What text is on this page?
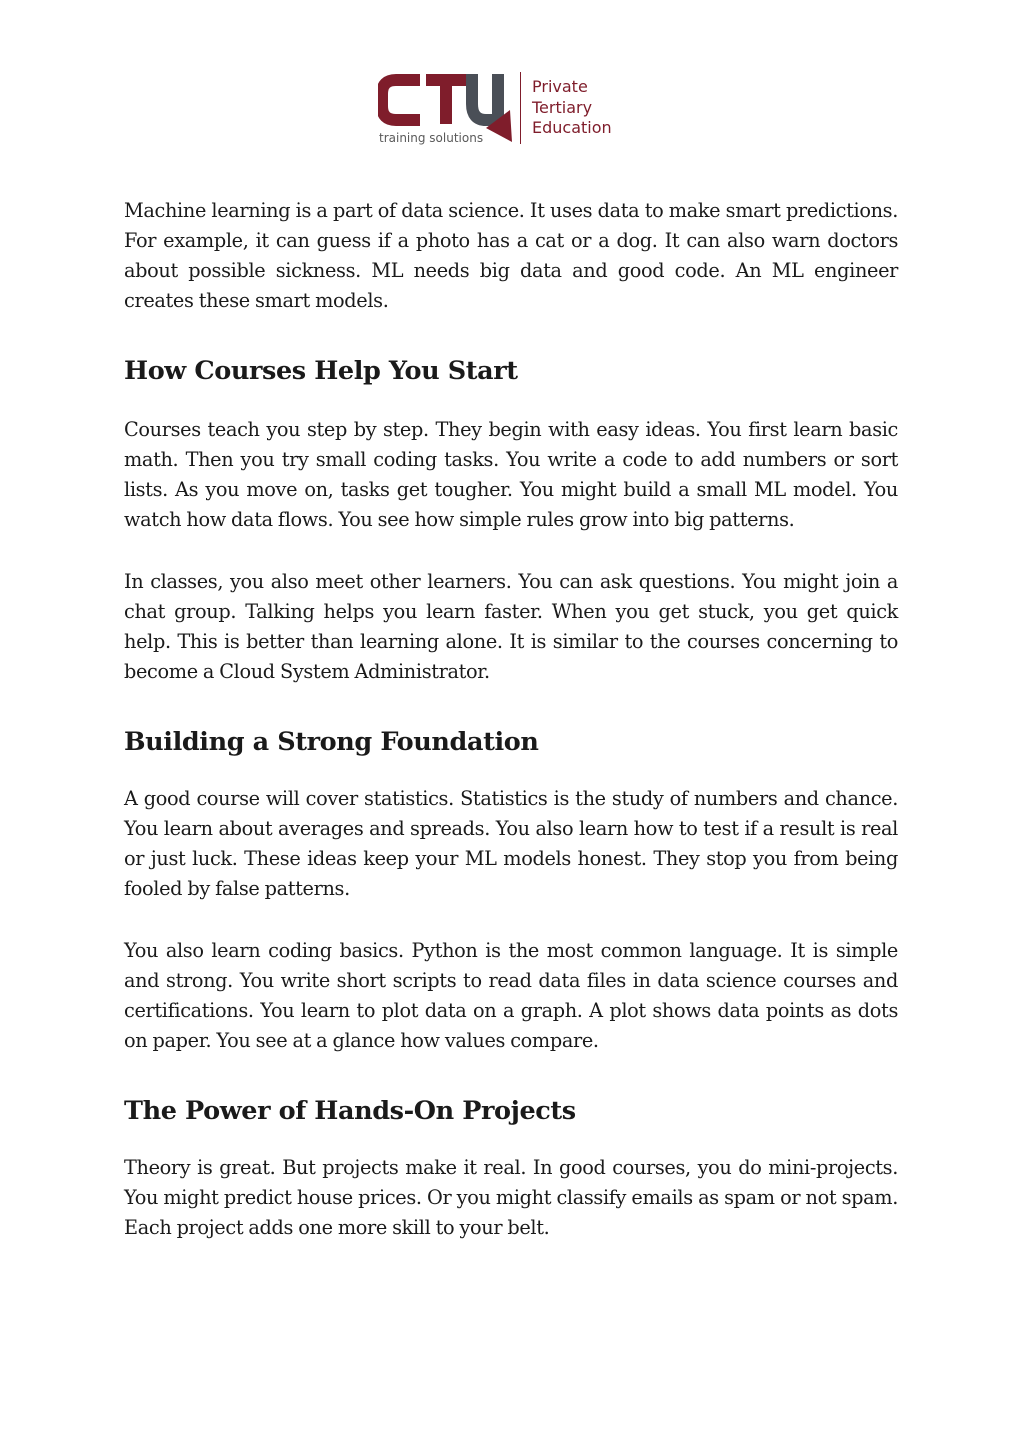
training solutions
Private
Tertiary
Education

Machine learning is a part of data science. It uses data to make smart predictions. For example, it can guess if a photo has a cat or a dog. It can also warn doctors about possible sickness. ML needs big data and good code. An ML engineer creates these smart models.

How Courses Help You Start

Courses teach you step by step. They begin with easy ideas. You first learn basic math. Then you try small coding tasks. You write a code to add numbers or sort lists. As you move on, tasks get tougher. You might build a small ML model. You watch how data flows. You see how simple rules grow into big patterns.

In classes, you also meet other learners. You can ask questions. You might join a chat group. Talking helps you learn faster. When you get stuck, you get quick help. This is better than learning alone. It is similar to the courses concerning to become a Cloud System Administrator.

Building a Strong Foundation

A good course will cover statistics. Statistics is the study of numbers and chance. You learn about averages and spreads. You also learn how to test if a result is real or just luck. These ideas keep your ML models honest. They stop you from being fooled by false patterns.

You also learn coding basics. Python is the most common language. It is simple and strong. You write short scripts to read data files in data science courses and certifications. You learn to plot data on a graph. A plot shows data points as dots on paper. You see at a glance how values compare.

The Power of Hands-On Projects

Theory is great. But projects make it real. In good courses, you do mini-projects. You might predict house prices. Or you might classify emails as spam or not spam. Each project adds one more skill to your belt.
